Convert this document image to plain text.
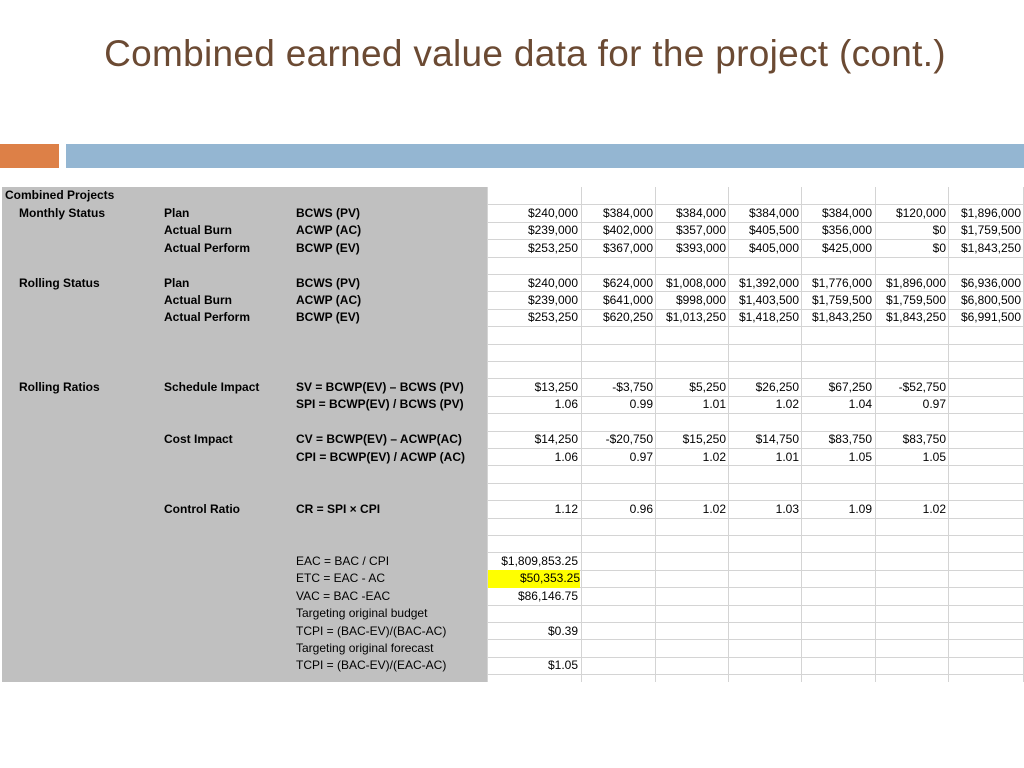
Combined earned value data for the project (cont.)
Combined Projects
Monthly Status	Plan	BCWS (PV)	$240,000	$384,000	$384,000	$384,000	$384,000	$120,000	$1,896,000
Actual Burn	ACWP (AC)	$239,000	$402,000	$357,000	$405,500	$356,000	$0	$1,759,500
Actual Perform	BCWP (EV)	$253,250	$367,000	$393,000	$405,000	$425,000	$0	$1,843,250
Rolling Status	Plan	BCWS (PV)	$240,000	$624,000	$1,008,000	$1,392,000	$1,776,000	$1,896,000	$6,936,000
Actual Burn	ACWP (AC)	$239,000	$641,000	$998,000	$1,403,500	$1,759,500	$1,759,500	$6,800,500
Actual Perform	BCWP (EV)	$253,250	$620,250	$1,013,250	$1,418,250	$1,843,250	$1,843,250	$6,991,500
Rolling Ratios	Schedule Impact	SV = BCWP(EV) – BCWS (PV)	$13,250	-$3,750	$5,250	$26,250	$67,250	-$52,750
SPI = BCWP(EV) / BCWS (PV)	1.06	0.99	1.01	1.02	1.04	0.97
Cost Impact	CV = BCWP(EV) – ACWP(AC)	$14,250	-$20,750	$15,250	$14,750	$83,750	$83,750
CPI = BCWP(EV) / ACWP (AC)	1.06	0.97	1.02	1.01	1.05	1.05
Control Ratio	CR = SPI × CPI	1.12	0.96	1.02	1.03	1.09	1.02
EAC = BAC / CPI	$1,809,853.25
ETC = EAC - AC	$50,353.25
VAC = BAC -EAC	$86,146.75
Targeting original budget
TCPI = (BAC-EV)/(BAC-AC)	$0.39
Targeting original forecast
TCPI = (BAC-EV)/(EAC-AC)	$1.05
